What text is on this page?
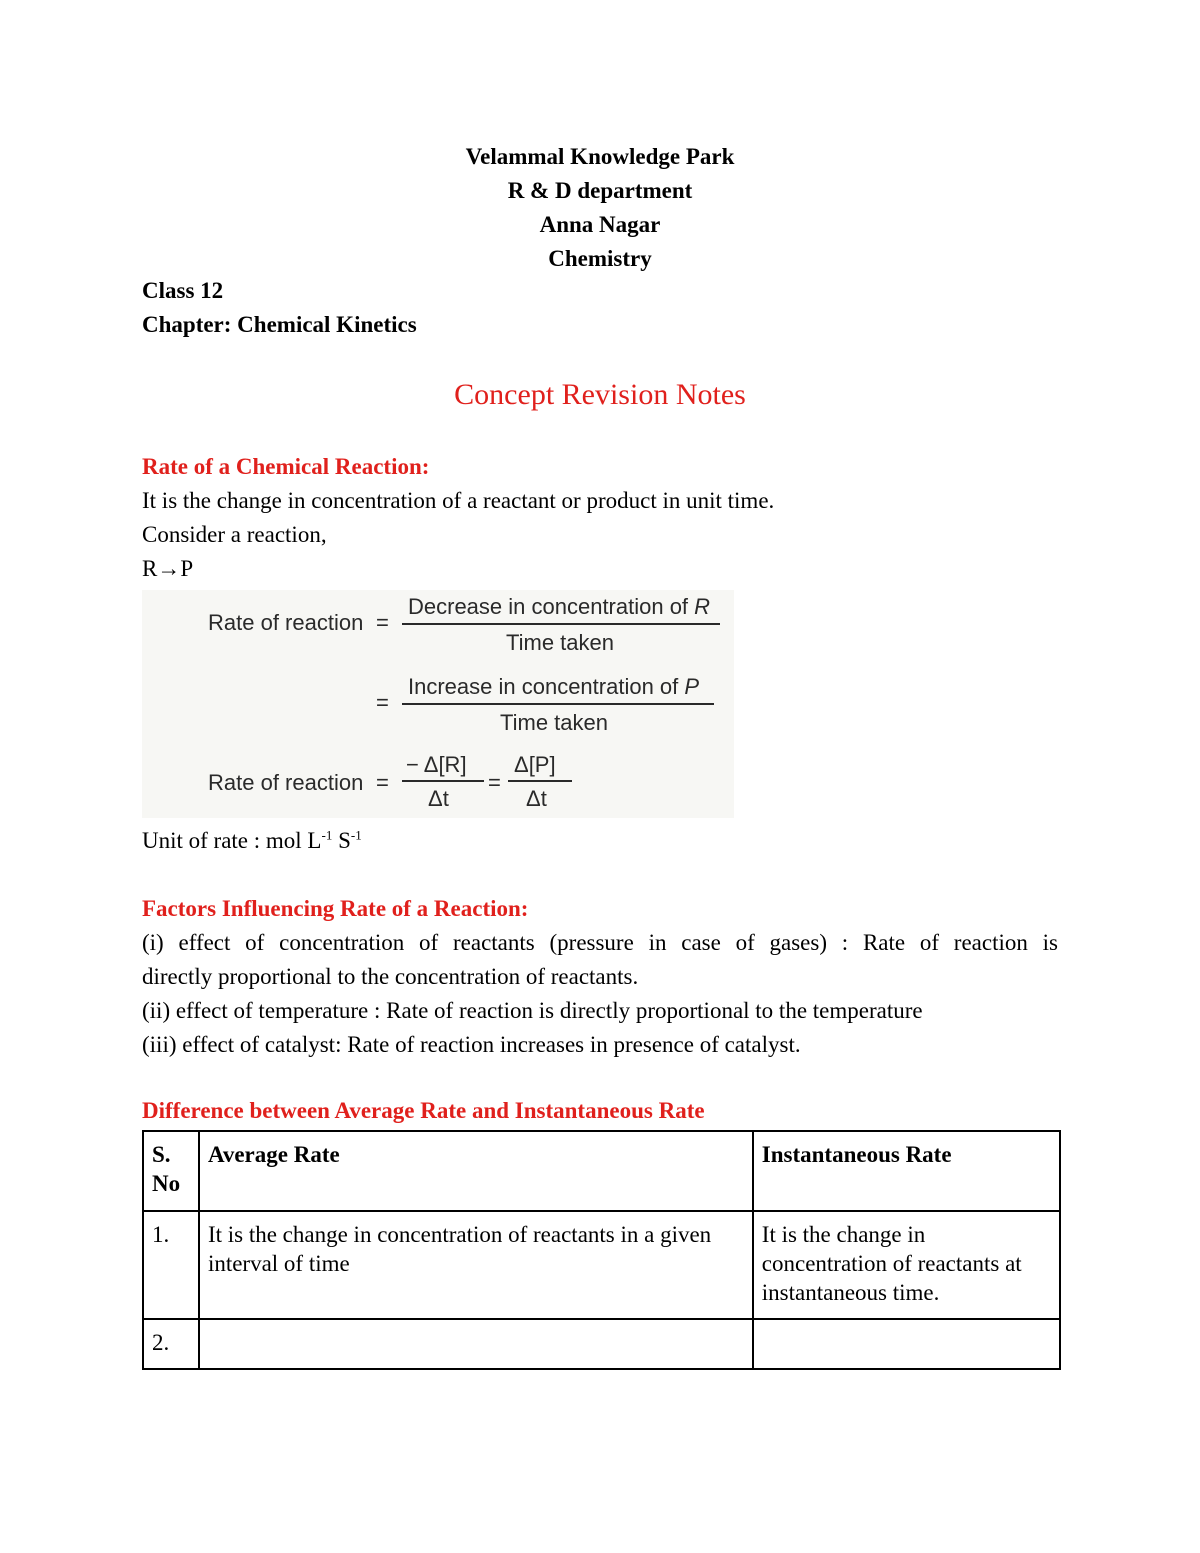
Velammal Knowledge Park
R & D department
Anna Nagar
Chemistry
Class 12
Chapter: Chemical Kinetics
Concept Revision Notes
Rate of a Chemical Reaction:
It is the change in concentration of a reactant or product in unit time.
Consider a reaction,
R→P
Rate of reaction =
Decrease in concentration of R
Time taken
=
Increase in concentration of P
Time taken
Rate of reaction =
− Δ[R]
Δt
=
Δ[P]
Δt
Unit of rate : mol $L^{-1}$ $S^{-1}$
Factors Influencing Rate of a Reaction:
(i) effect of concentration of reactants (pressure in case of gases) : Rate of reaction is
directly proportional to the concentration of reactants.
(ii) effect of temperature : Rate of reaction is directly proportional to the temperature
(iii) effect of catalyst: Rate of reaction increases in presence of catalyst.
Difference between Average Rate and Instantaneous Rate
S. No	Average Rate	Instantaneous Rate
1.	It is the change in concentration of reactants in a given interval of time	It is the change in concentration of reactants at instantaneous time.
2.		
